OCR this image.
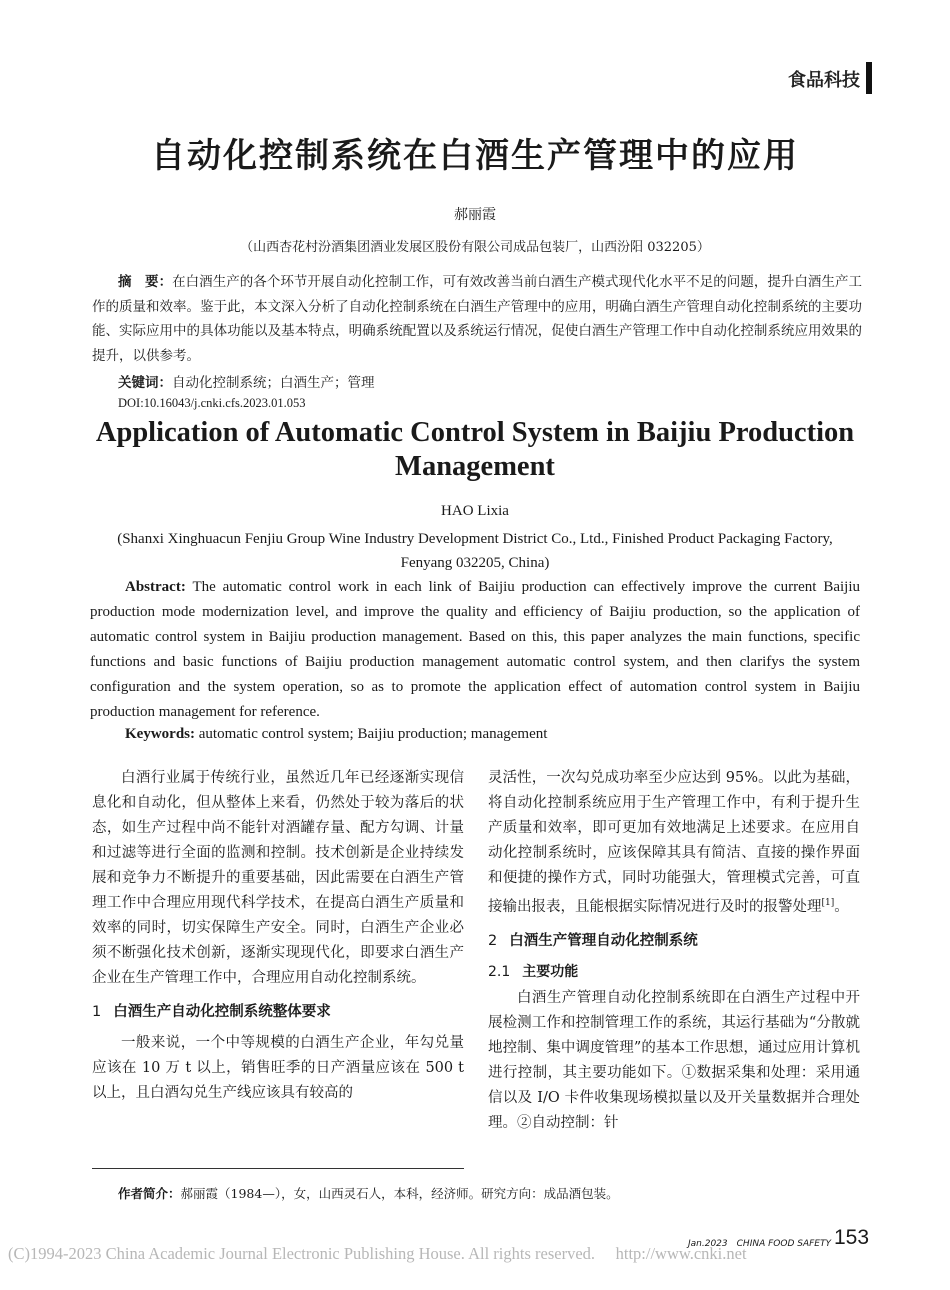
食品科技
自动化控制系统在白酒生产管理中的应用
郝丽霞
（山西杏花村汾酒集团酒业发展区股份有限公司成品包装厂，山西汾阳 032205）
摘　要：在白酒生产的各个环节开展自动化控制工作，可有效改善当前白酒生产模式现代化水平不足的问题，提升白酒生产工作的质量和效率。鉴于此，本文深入分析了自动化控制系统在白酒生产管理中的应用，明确白酒生产管理自动化控制系统的主要功能、实际应用中的具体功能以及基本特点，明确系统配置以及系统运行情况，促使白酒生产管理工作中自动化控制系统应用效果的提升，以供参考。
关键词：自动化控制系统；白酒生产；管理
DOI:10.16043/j.cnki.cfs.2023.01.053
Application of Automatic Control System in Baijiu Production Management
HAO Lixia
(Shanxi Xinghuacun Fenjiu Group Wine Industry Development District Co., Ltd., Finished Product Packaging Factory, Fenyang 032205, China)
Abstract: The automatic control work in each link of Baijiu production can effectively improve the current Baijiu production mode modernization level, and improve the quality and efficiency of Baijiu production, so the application of automatic control system in Baijiu production management. Based on this, this paper analyzes the main functions, specific functions and basic functions of Baijiu production management automatic control system, and then clarifys the system configuration and the system operation, so as to promote the application effect of automation control system in Baijiu production management for reference.
Keywords: automatic control system; Baijiu production; management

白酒行业属于传统行业，虽然近几年已经逐渐实现信息化和自动化，但从整体上来看，仍然处于较为落后的状态，如生产过程中尚不能针对酒罐存量、配方勾调、计量和过滤等进行全面的监测和控制。技术创新是企业持续发展和竞争力不断提升的重要基础，因此需要在白酒生产管理工作中合理应用现代科学技术，在提高白酒生产质量和效率的同时，切实保障生产安全。同时，白酒生产企业必须不断强化技术创新，逐渐实现现代化，即要求白酒生产企业在生产管理工作中，合理应用自动化控制系统。

1 白酒生产自动化控制系统整体要求

一般来说，一个中等规模的白酒生产企业，年勾兑量应该在 10 万 t 以上，销售旺季的日产酒量应该在 500 t 以上，且白酒勾兑生产线应该具有较高的

灵活性，一次勾兑成功率至少应达到 95%。以此为基础，将自动化控制系统应用于生产管理工作中，有利于提升生产质量和效率，即可更加有效地满足上述要求。在应用自动化控制系统时，应该保障其具有简洁、直接的操作界面和便捷的操作方式，同时功能强大，管理模式完善，可直接输出报表，且能根据实际情况进行及时的报警处理[1]。

2 白酒生产管理自动化控制系统

2.1 主要功能

白酒生产管理自动化控制系统即在白酒生产过程中开展检测工作和控制管理工作的系统，其运行基础为“分散就地控制、集中调度管理”的基本工作思想，通过应用计算机进行控制，其主要功能如下。①数据采集和处理：采用通信以及 I/O 卡件收集现场模拟量以及开关量数据并合理处理。②自动控制：针

作者简介：郝丽霞（1984—），女，山西灵石人，本科，经济师。研究方向：成品酒包装。
Jan.2023　CHINA FOOD SAFETY 153
(C)1994-2023 China Academic Journal Electronic Publishing House. All rights reserved.　 http://www.cnki.net
